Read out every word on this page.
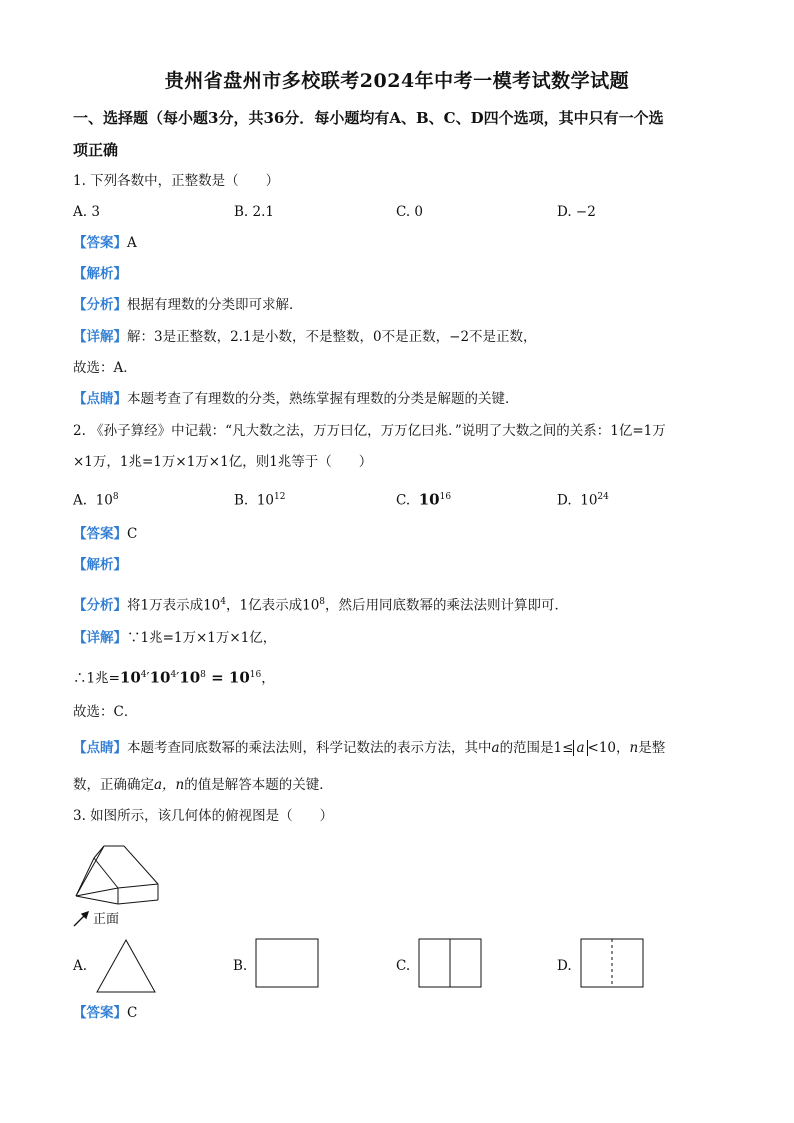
贵州省盘州市多校联考2024年中考一模考试数学试题
一、选择题（每小题3分，共36分．每小题均有A、B、C、D四个选项，其中只有一个选
项正确
1. 下列各数中，正整数是（　　）
A. 3	B. 2.1	C. 0	D. −2
【答案】A
【解析】
【分析】根据有理数的分类即可求解．
【详解】解：3是正整数，2.1是小数，不是整数，0不是正数，−2不是正数，
故选：A．
【点睛】本题考查了有理数的分类，熟练掌握有理数的分类是解题的关键．
2. 《孙子算经》中记载：“凡大数之法，万万曰亿，万万亿曰兆．”说明了大数之间的关系：1亿=1万
×1万，1兆=1万×1万×1亿，则1兆等于（　　）
A. $10^8$	B. $10^{12}$	C. $10^{16}$	D. $10^{24}$
【答案】C
【解析】
【分析】将1万表示成$10^4$，1亿表示成$10^8$，然后用同底数幂的乘法法则计算即可．
【详解】∵1兆=1万×1万×1亿，
∴1兆$=10^4'10^4'10^8 = 10^{16}$，
故选：C．
【点睛】本题考查同底数幂的乘法法则，科学记数法的表示方法，其中a的范围是1≤ a <10，n是整
数，正确确定a，n的值是解答本题的关键．
3. 如图所示，该几何体的俯视图是（　　）
正面
A.	B.	C.	D.
【答案】C
